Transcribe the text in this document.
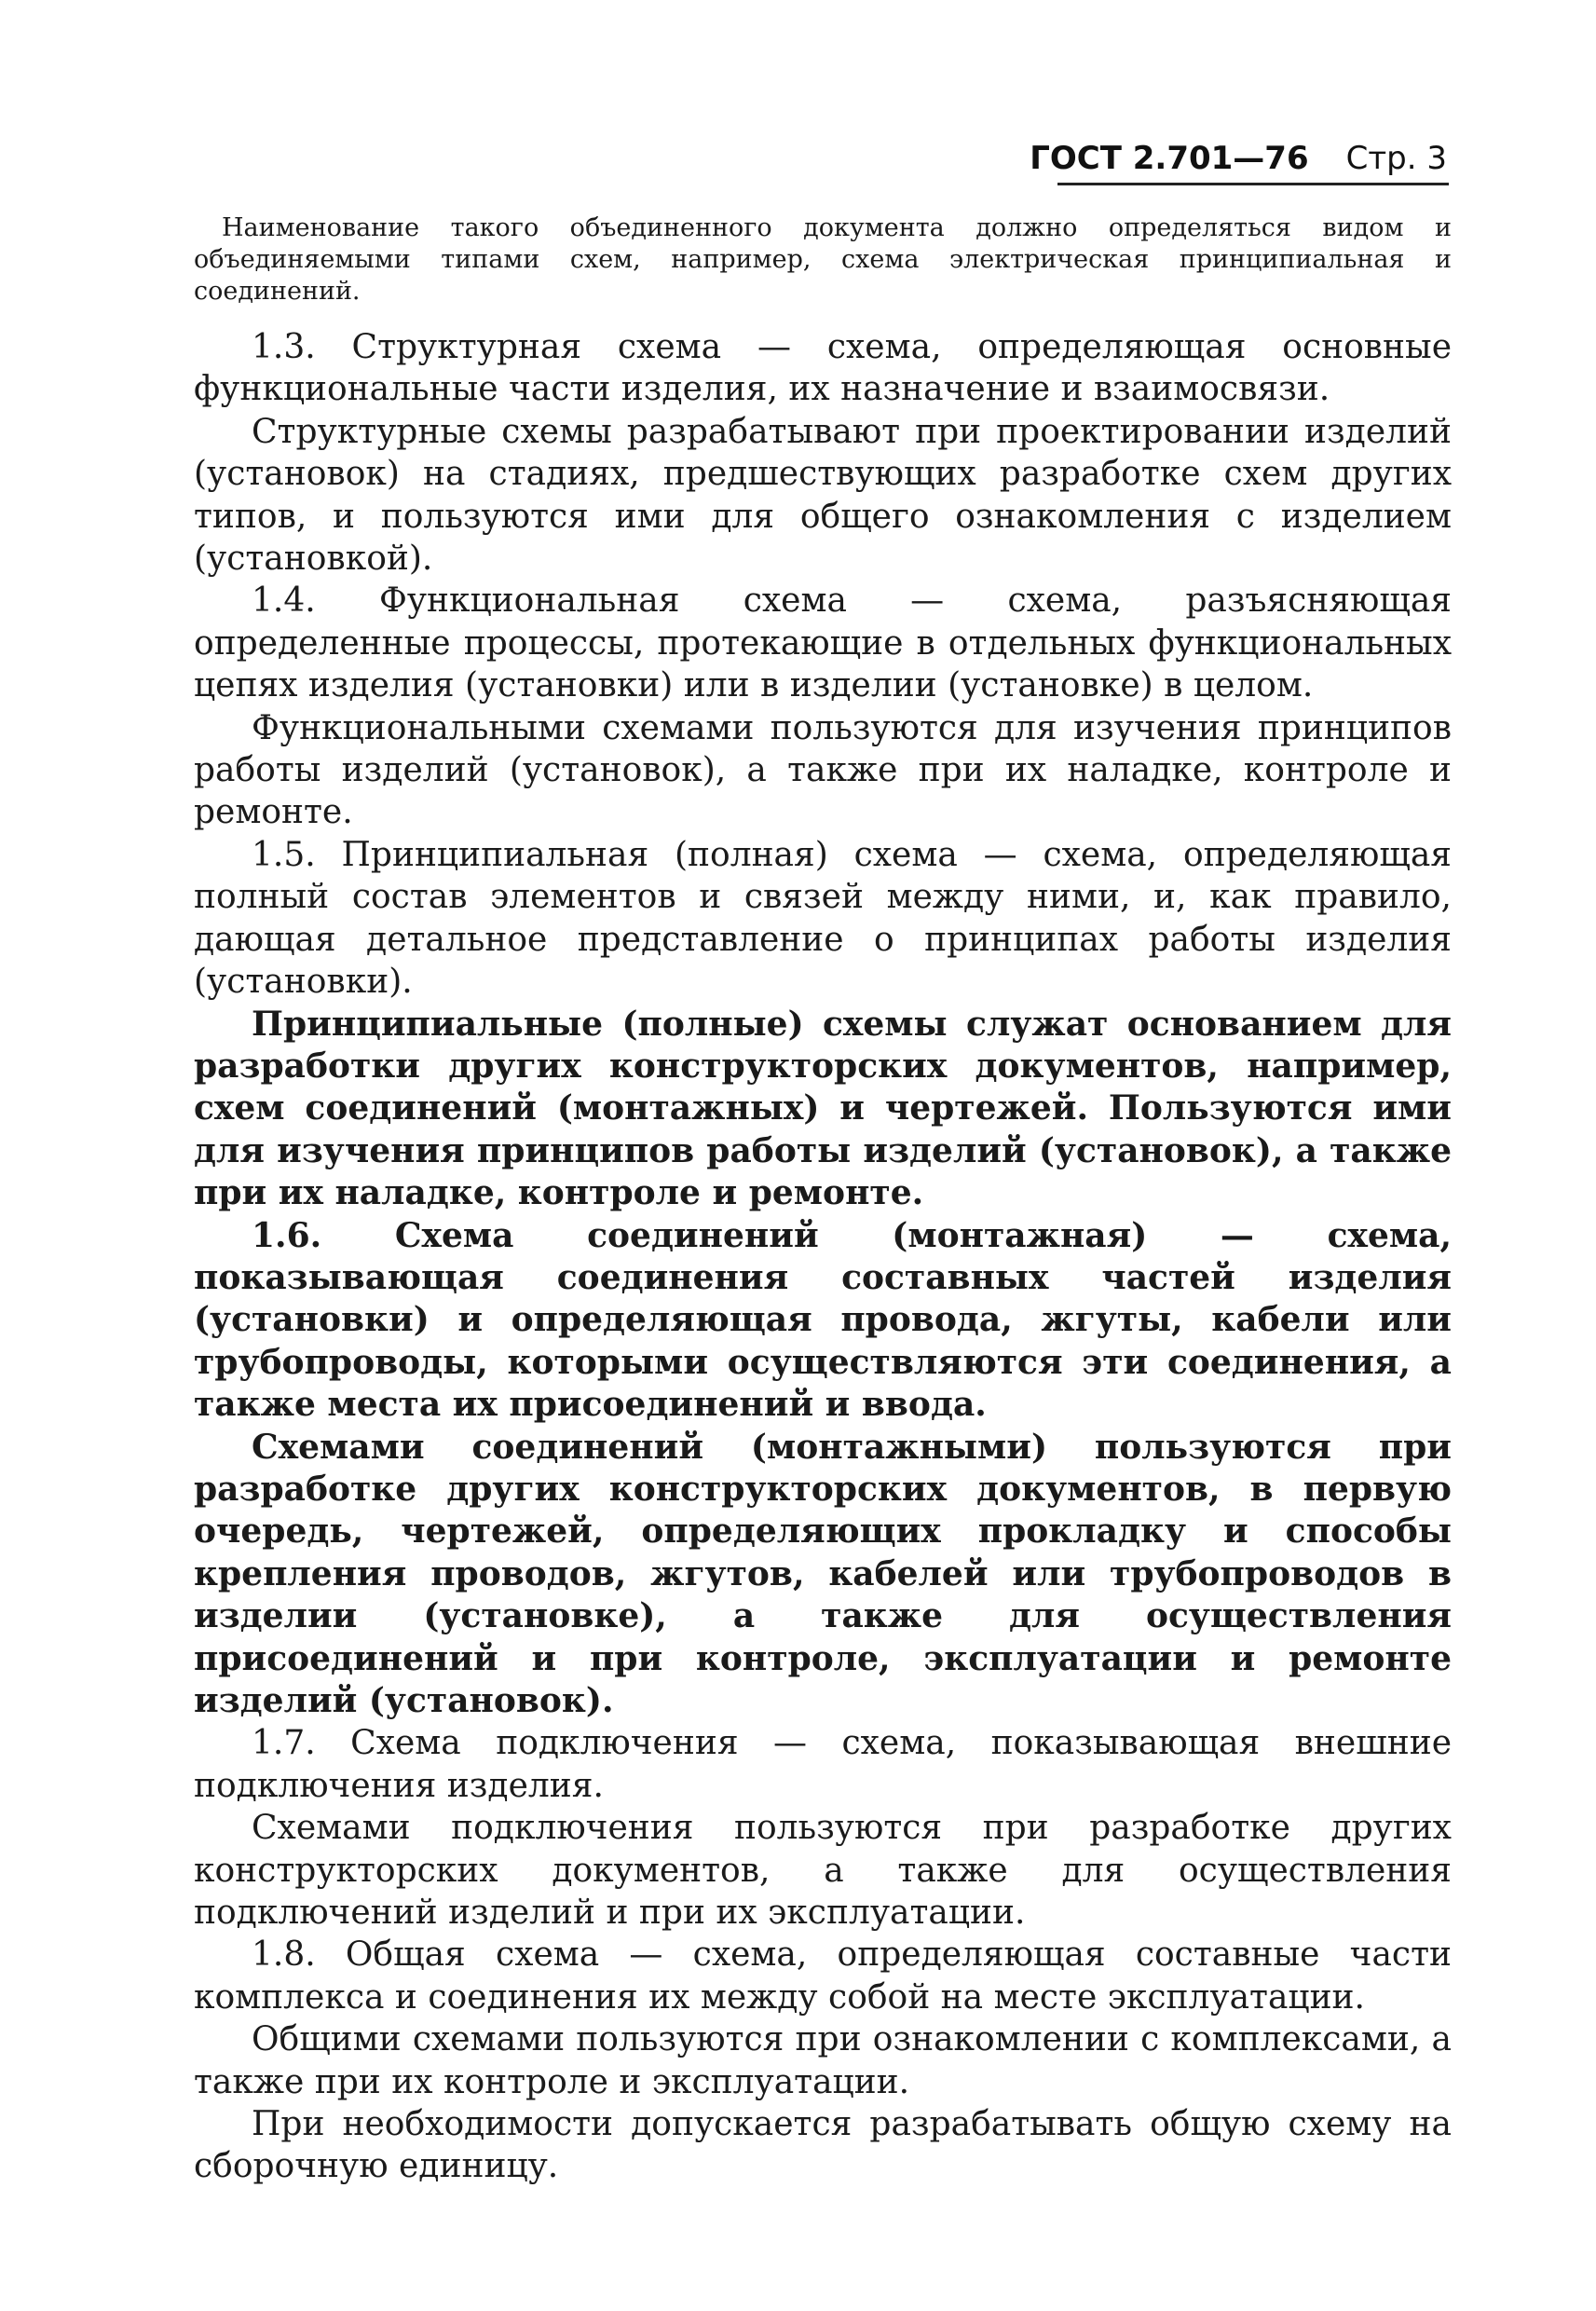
ГОСТ 2.701—76 Стр. 3
Наименование такого объединенного документа должно определяться видом и объединяемыми типами схем, например, схема электрическая принципиальная и соединений.

1.3. Структурная схема — схема, определяющая основные функциональные части изделия, их назначение и взаимосвязи.

Структурные схемы разрабатывают при проектировании изделий (установок) на стадиях, предшествующих разработке схем других типов, и пользуются ими для общего ознакомления с изделием (установкой).

1.4. Функциональная схема — схема, разъясняющая определенные процессы, протекающие в отдельных функциональных цепях изделия (установки) или в изделии (установке) в целом.

Функциональными схемами пользуются для изучения принципов работы изделий (установок), а также при их наладке, контроле и ремонте.

1.5. Принципиальная (полная) схема — схема, определяющая полный состав элементов и связей между ними, и, как правило, дающая детальное представление о принципах работы изделия (установки).

Принципиальные (полные) схемы служат основанием для разработки других конструкторских документов, например, схем соединений (монтажных) и чертежей. Пользуются ими для изучения принципов работы изделий (установок), а также при их наладке, контроле и ремонте.

1.6. Схема соединений (монтажная) — схема, показывающая соединения составных частей изделия (установки) и определяющая провода, жгуты, кабели или трубопроводы, которыми осуществляются эти соединения, а также места их присоединений и ввода.

Схемами соединений (монтажными) пользуются при разработке других конструкторских документов, в первую очередь, чертежей, определяющих прокладку и способы крепления проводов, жгутов, кабелей или трубопроводов в изделии (установке), а также для осуществления присоединений и при контроле, эксплуатации и ремонте изделий (установок).

1.7. Схема подключения — схема, показывающая внешние подключения изделия.

Схемами подключения пользуются при разработке других конструкторских документов, а также для осуществления подключений изделий и при их эксплуатации.

1.8. Общая схема — схема, определяющая составные части комплекса и соединения их между собой на месте эксплуатации.

Общими схемами пользуются при ознакомлении с комплексами, а также при их контроле и эксплуатации.

При необходимости допускается разрабатывать общую схему на сборочную единицу.
